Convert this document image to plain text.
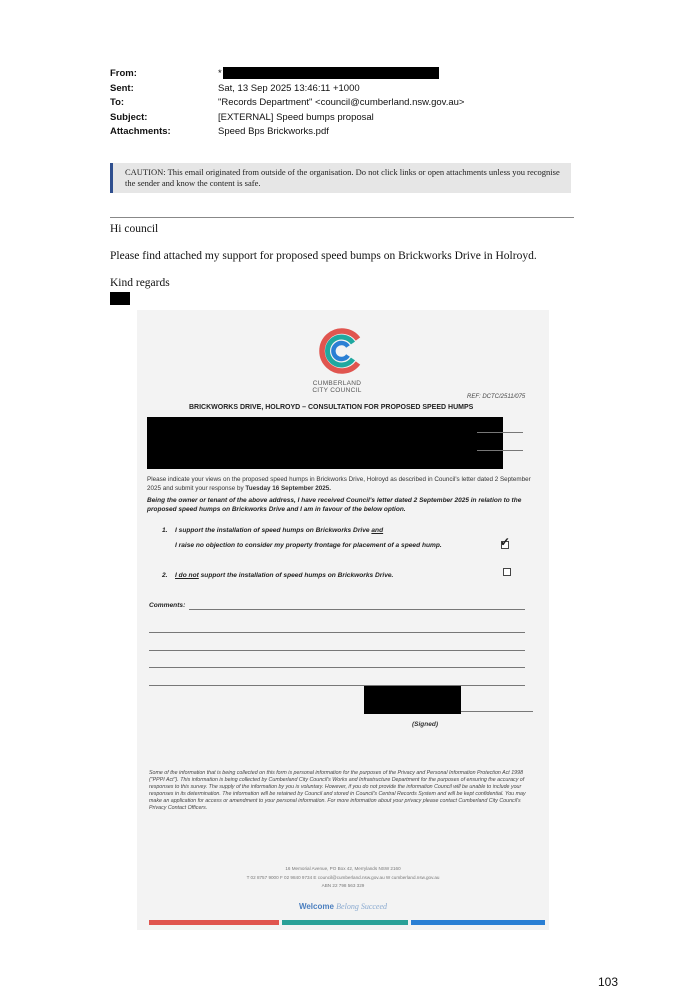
From:	*
Sent:	Sat, 13 Sep 2025 13:46:11 +1000
To:	"Records Department" <council@cumberland.nsw.gov.au>
Subject:	[EXTERNAL] Speed bumps proposal
Attachments:	Speed Bps Brickworks.pdf
CAUTION: This email originated from outside of the organisation. Do not click links or open attachments unless you recognise the sender and know the content is safe.
Hi council
Please find attached my support for proposed speed bumps on Brickworks Drive in Holroyd.
Kind regards
CUMBERLAND
CITY COUNCIL
REF: DCTC/2511/075
BRICKWORKS DRIVE, HOLROYD – CONSULTATION FOR PROPOSED SPEED HUMPS
Please indicate your views on the proposed speed humps in Brickworks Drive, Holroyd as described in Council's letter dated 2 September 2025 and submit your response by Tuesday 16 September 2025.
Being the owner or tenant of the above address, I have received Council's letter dated 2 September 2025 in relation to the proposed speed humps on Brickworks Drive and I am in favour of the below option.
1. I support the installation of speed humps on Brickworks Drive and
I raise no objection to consider my property frontage for placement of a speed hump.	✓
2. I do not support the installation of speed humps on Brickworks Drive.
Comments:
(Signed)
Some of the information that is being collected on this form is personal information for the purposes of the Privacy and Personal Information Protection Act 1998 ("PPPI Act"). This information is being collected by Cumberland City Council's Works and Infrastructure Department for the purposes of ensuring the accuracy of responses to this survey. The supply of the information by you is voluntary. However, if you do not provide the information Council will be unable to include your responses in its determination. The information will be retained by Council and stored in Council's Central Records System and will be kept confidential. You may make an application for access or amendment to your personal information. For more information about your privacy please contact Cumberland City Council's Privacy Contact Officers.
16 Memorial Avenue, PO Box 42, Merrylands NSW 2160
T 02 8757 9000 F 02 9840 9734 E council@cumberland.nsw.gov.au W cumberland.nsw.gov.au
ABN 22 798 563 329
Welcome Belong Succeed
103
